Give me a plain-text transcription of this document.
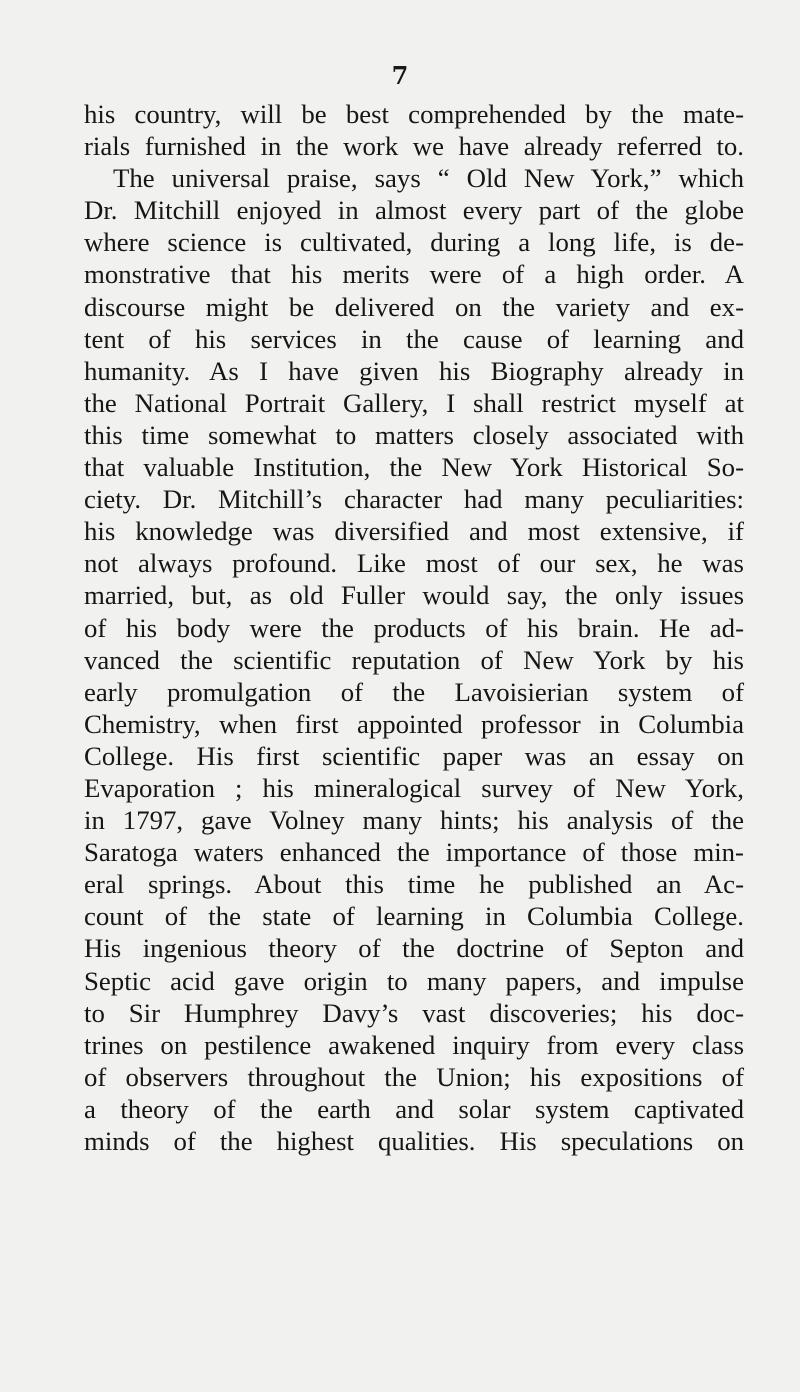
7
his country, will be best comprehended by the mate-
rials furnished in the work we have already referred to.
The universal praise, says “ Old New York,” which
Dr. Mitchill enjoyed in almost every part of the globe
where science is cultivated, during a long life, is de-
monstrative that his merits were of a high order. A
discourse might be delivered on the variety and ex-
tent of his services in the cause of learning and
humanity. As I have given his Biography already in
the National Portrait Gallery, I shall restrict myself at
this time somewhat to matters closely associated with
that valuable Institution, the New York Historical So-
ciety. Dr. Mitchill’s character had many peculiarities:
his knowledge was diversified and most extensive, if
not always profound. Like most of our sex, he was
married, but, as old Fuller would say, the only issues
of his body were the products of his brain. He ad-
vanced the scientific reputation of New York by his
early promulgation of the Lavoisierian system of
Chemistry, when first appointed professor in Columbia
College. His first scientific paper was an essay on
Evaporation ; his mineralogical survey of New York,
in 1797, gave Volney many hints; his analysis of the
Saratoga waters enhanced the importance of those min-
eral springs. About this time he published an Ac-
count of the state of learning in Columbia College.
His ingenious theory of the doctrine of Septon and
Septic acid gave origin to many papers, and impulse
to Sir Humphrey Davy’s vast discoveries; his doc-
trines on pestilence awakened inquiry from every class
of observers throughout the Union; his expositions of
a theory of the earth and solar system captivated
minds of the highest qualities. His speculations on
